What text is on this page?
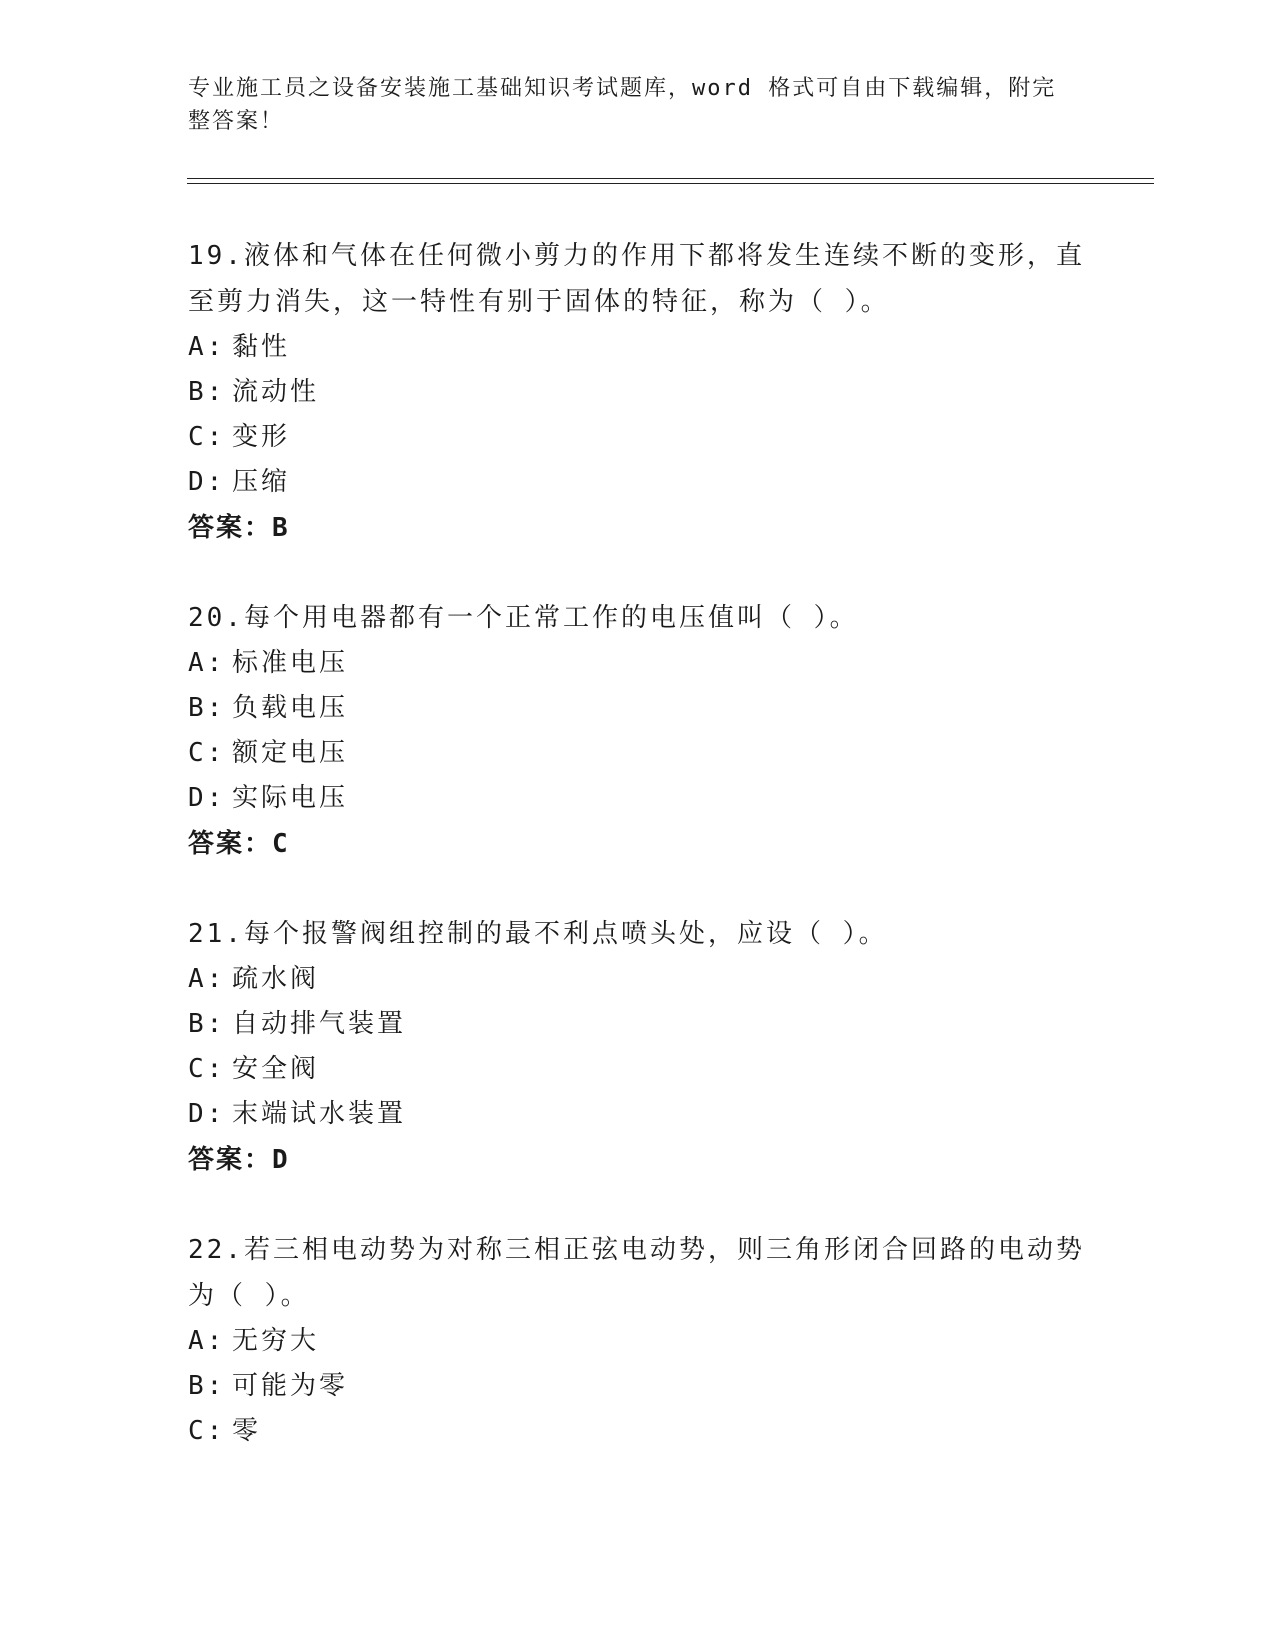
专业施工员之设备安装施工基础知识考试题库，word 格式可自由下载编辑，附完整答案！
19.液体和气体在任何微小剪力的作用下都将发生连续不断的变形，直至剪力消失，这一特性有别于固体的特征，称为（ ）。
A: 黏性
B: 流动性
C: 变形
D: 压缩
答案：B
20.每个用电器都有一个正常工作的电压值叫（ ）。
A: 标准电压
B: 负载电压
C: 额定电压
D: 实际电压
答案：C
21.每个报警阀组控制的最不利点喷头处，应设（ ）。
A: 疏水阀
B: 自动排气装置
C: 安全阀
D: 末端试水装置
答案：D
22.若三相电动势为对称三相正弦电动势，则三角形闭合回路的电动势为（ ）。
A: 无穷大
B: 可能为零
C: 零
